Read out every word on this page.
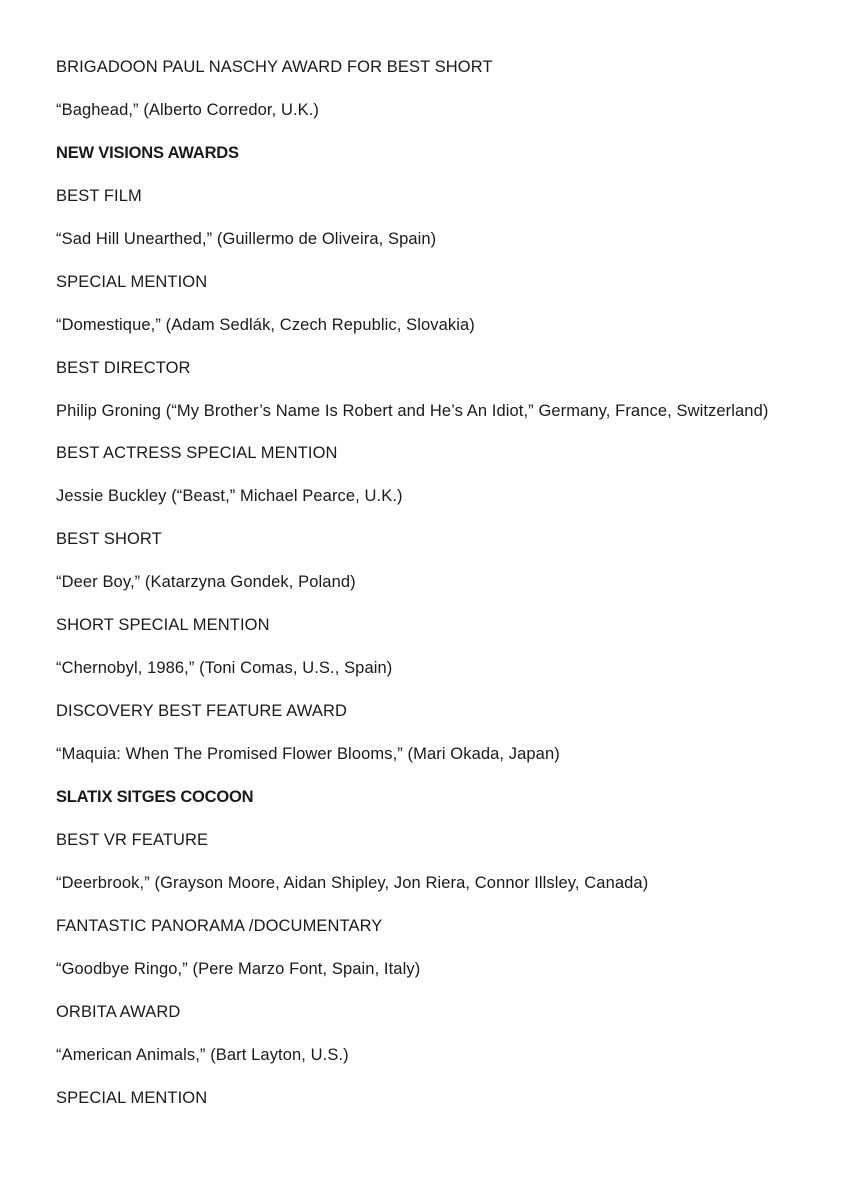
BRIGADOON PAUL NASCHY AWARD FOR BEST SHORT

“Baghead,” (Alberto Corredor, U.K.)

NEW VISIONS AWARDS

BEST FILM

“Sad Hill Unearthed,” (Guillermo de Oliveira, Spain)

SPECIAL MENTION

“Domestique,” (Adam Sedlák, Czech Republic, Slovakia)

BEST DIRECTOR

Philip Groning (“My Brother’s Name Is Robert and He’s An Idiot,” Germany, France, Switzerland)

BEST ACTRESS SPECIAL MENTION

Jessie Buckley (“Beast,” Michael Pearce, U.K.)

BEST SHORT

“Deer Boy,” (Katarzyna Gondek, Poland)

SHORT SPECIAL MENTION

“Chernobyl, 1986,” (Toni Comas, U.S., Spain)

DISCOVERY BEST FEATURE AWARD

“Maquia: When The Promised Flower Blooms,” (Mari Okada, Japan)

SLATIX SITGES COCOON

BEST VR FEATURE

“Deerbrook,” (Grayson Moore, Aidan Shipley, Jon Riera, Connor Illsley, Canada)

FANTASTIC PANORAMA /DOCUMENTARY

“Goodbye Ringo,” (Pere Marzo Font, Spain, Italy)

ORBITA AWARD

“American Animals,” (Bart Layton, U.S.)

SPECIAL MENTION
